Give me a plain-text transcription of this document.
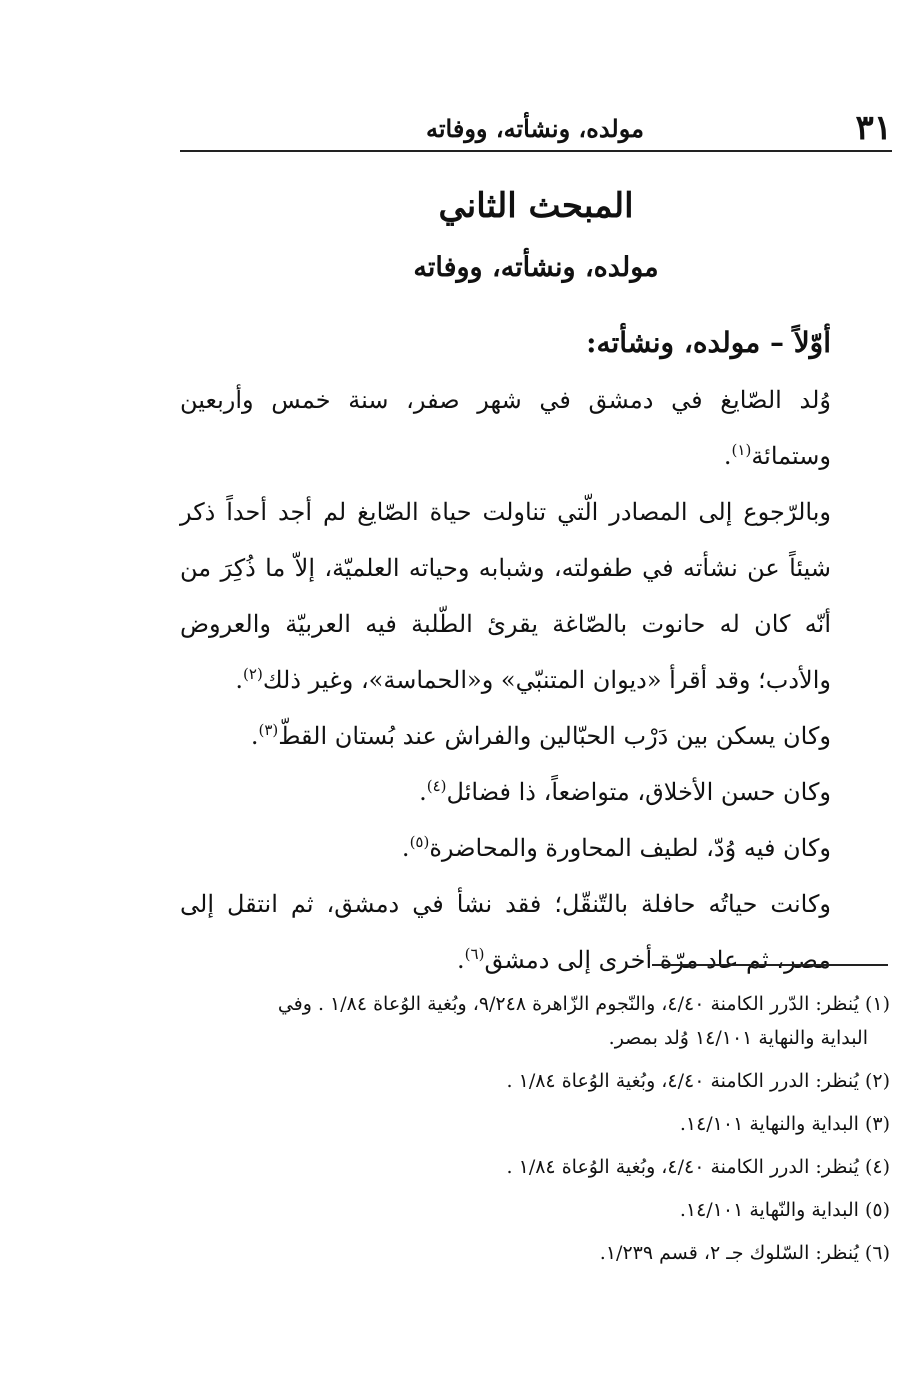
٣١
مولده، ونشأته، ووفاته
المبحث الثاني
مولده، ونشأته، ووفاته
أوّلاً – مولده، ونشأته:

وُلد الصّايغ في دمشق في شهر صفر، سنة خمس وأربعين وستمائة$^{(١)}$.

وبالرّجوع إلى المصادر الّتي تناولت حياة الصّايغ لم أجد أحداً ذكر شيئاً عن نشأته في طفولته، وشبابه وحياته العلميّة، إلاّ ما ذُكِرَ من أنّه كان له حانوت بالصّاغة يقرئ الطّلبة فيه العربيّة والعروض والأدب؛ وقد أقرأ «ديوان المتنبّي» و«الحماسة»، وغير ذلك$^{(٢)}$.

وكان يسكن بين دَرْب الحبّالين والفراش عند بُستان القطّ$^{(٣)}$.

وكان حسن الأخلاق، متواضعاً، ذا فضائل$^{(٤)}$.

وكان فيه وُدّ، لطيف المحاورة والمحاضرة$^{(٥)}$.

وكانت حياتُه حافلة بالتّنقّل؛ فقد نشأ في دمشق، ثم انتقل إلى مصر، ثم عاد مرّة أخرى إلى دمشق$^{(٦)}$.

(١) يُنظر: الدّرر الكامنة ٤/٤٠، والنّجوم الزّاهرة ٩/٢٤٨، وبُغية الوُعاة ١/٨٤ . وفي

البداية والنهاية ١٤/١٠١ وُلد بمصر.

(٢) يُنظر: الدرر الكامنة ٤/٤٠، وبُغية الوُعاة ١/٨٤ .

(٣) البداية والنهاية ١٤/١٠١.

(٤) يُنظر: الدرر الكامنة ٤/٤٠، وبُغية الوُعاة ١/٨٤ .

(٥) البداية والنّهاية ١٤/١٠١.

(٦) يُنظر: السّلوك جـ ٢، قسم ١/٢٣٩.
